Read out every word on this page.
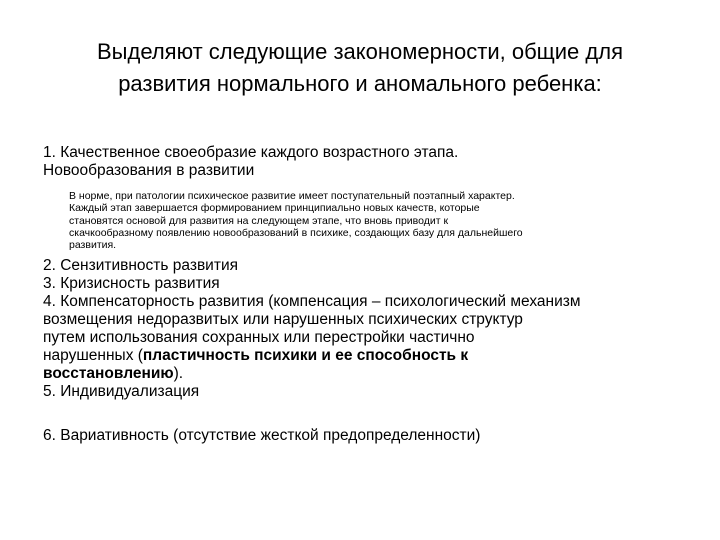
Выделяют следующие закономерности, общие для
развития нормального и аномального ребенка:

1. Качественное своеобразие каждого возрастного этапа.
Новообразования в развитии

В норме, при патологии психическое развитие имеет поступательный поэтапный характер.
Каждый этап завершается формированием принципиально новых качеств, которые
становятся основой для развития на следующем этапе, что вновь приводит к
скачкообразному появлению новообразований в психике, создающих базу для дальнейшего
развития.

2. Сензитивность развития

3. Кризисность развития

4. Компенсаторность развития (компенсация – психологический механизм
возмещения недоразвитых или нарушенных психических структур
путем использования сохранных или перестройки частично
нарушенных (пластичность психики и ее способность к
восстановлению).

5. Индивидуализация

6. Вариативность (отсутствие жесткой предопределенности)
